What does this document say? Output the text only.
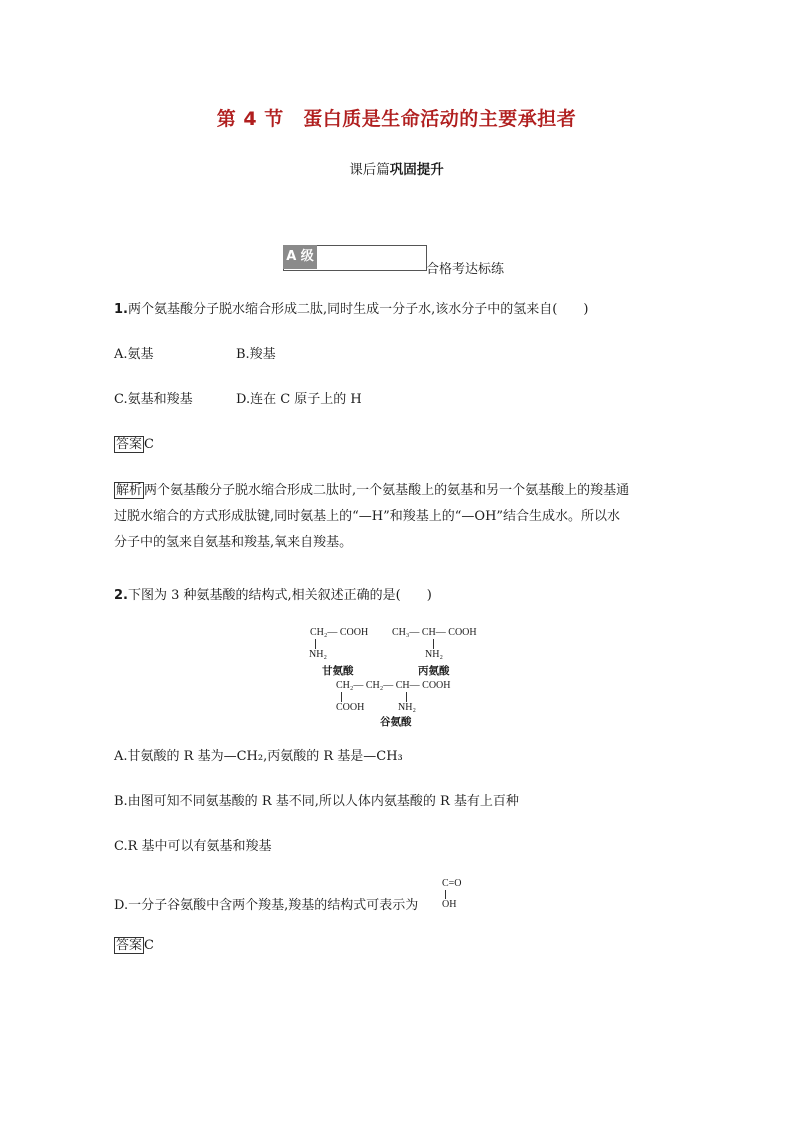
第 4 节　蛋白质是生命活动的主要承担者
课后篇巩固提升
A 级
合格考达标练
1.两个氨基酸分子脱水缩合形成二肽,同时生成一分子水,该水分子中的氢来自(　　)
A.氨基	B.羧基
C.氨基和羧基	D.连在 C 原子上的 H
答案 C
解析 两个氨基酸分子脱水缩合形成二肽时,一个氨基酸上的氨基和另一个氨基酸上的羧基通
过脱水缩合的方式形成肽键,同时氨基上的“—H”和羧基上的“—OH”结合生成水。所以水
分子中的氢来自氨基和羧基,氧来自羧基。
2.下图为 3 种氨基酸的结构式,相关叙述正确的是(　　)
CH₂— COOH
NH₂
甘氨酸
CH₃— CH— COOH
NH₂
丙氨酸
CH₂— CH₂— CH— COOH
COOH	NH₂
谷氨酸
A.甘氨酸的 R 基为—CH₂,丙氨酸的 R 基是—CH₃
B.由图可知不同氨基酸的 R 基不同,所以人体内氨基酸的 R 基有上百种
C.R 基中可以有氨基和羧基
D.一分子谷氨酸中含两个羧基,羧基的结构式可表示为
C=O
OH
答案 C
